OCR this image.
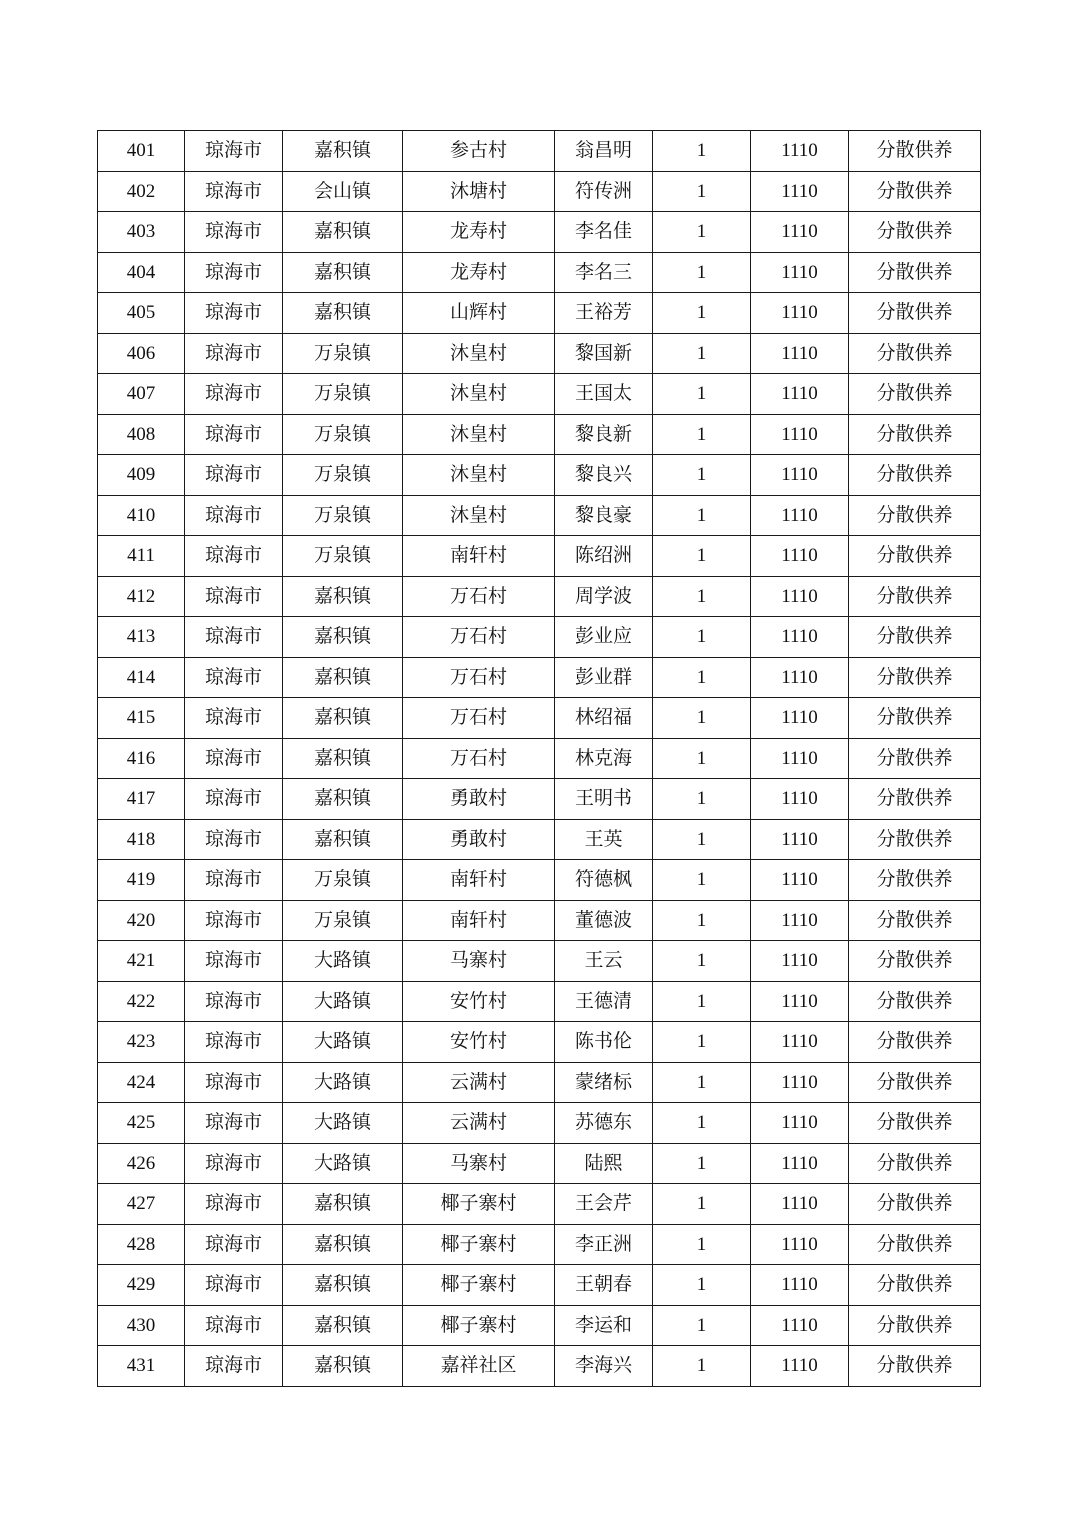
401	琼海市	嘉积镇	参古村	翁昌明	1	1110	分散供养
402	琼海市	会山镇	沐塘村	符传洲	1	1110	分散供养
403	琼海市	嘉积镇	龙寿村	李名佳	1	1110	分散供养
404	琼海市	嘉积镇	龙寿村	李名三	1	1110	分散供养
405	琼海市	嘉积镇	山辉村	王裕芳	1	1110	分散供养
406	琼海市	万泉镇	沐皇村	黎国新	1	1110	分散供养
407	琼海市	万泉镇	沐皇村	王国太	1	1110	分散供养
408	琼海市	万泉镇	沐皇村	黎良新	1	1110	分散供养
409	琼海市	万泉镇	沐皇村	黎良兴	1	1110	分散供养
410	琼海市	万泉镇	沐皇村	黎良豪	1	1110	分散供养
411	琼海市	万泉镇	南轩村	陈绍洲	1	1110	分散供养
412	琼海市	嘉积镇	万石村	周学波	1	1110	分散供养
413	琼海市	嘉积镇	万石村	彭业应	1	1110	分散供养
414	琼海市	嘉积镇	万石村	彭业群	1	1110	分散供养
415	琼海市	嘉积镇	万石村	林绍福	1	1110	分散供养
416	琼海市	嘉积镇	万石村	林克海	1	1110	分散供养
417	琼海市	嘉积镇	勇敢村	王明书	1	1110	分散供养
418	琼海市	嘉积镇	勇敢村	王英	1	1110	分散供养
419	琼海市	万泉镇	南轩村	符德枫	1	1110	分散供养
420	琼海市	万泉镇	南轩村	董德波	1	1110	分散供养
421	琼海市	大路镇	马寨村	王云	1	1110	分散供养
422	琼海市	大路镇	安竹村	王德清	1	1110	分散供养
423	琼海市	大路镇	安竹村	陈书伦	1	1110	分散供养
424	琼海市	大路镇	云满村	蒙绪标	1	1110	分散供养
425	琼海市	大路镇	云满村	苏德东	1	1110	分散供养
426	琼海市	大路镇	马寨村	陆熙	1	1110	分散供养
427	琼海市	嘉积镇	椰子寨村	王会芹	1	1110	分散供养
428	琼海市	嘉积镇	椰子寨村	李正洲	1	1110	分散供养
429	琼海市	嘉积镇	椰子寨村	王朝春	1	1110	分散供养
430	琼海市	嘉积镇	椰子寨村	李运和	1	1110	分散供养
431	琼海市	嘉积镇	嘉祥社区	李海兴	1	1110	分散供养
